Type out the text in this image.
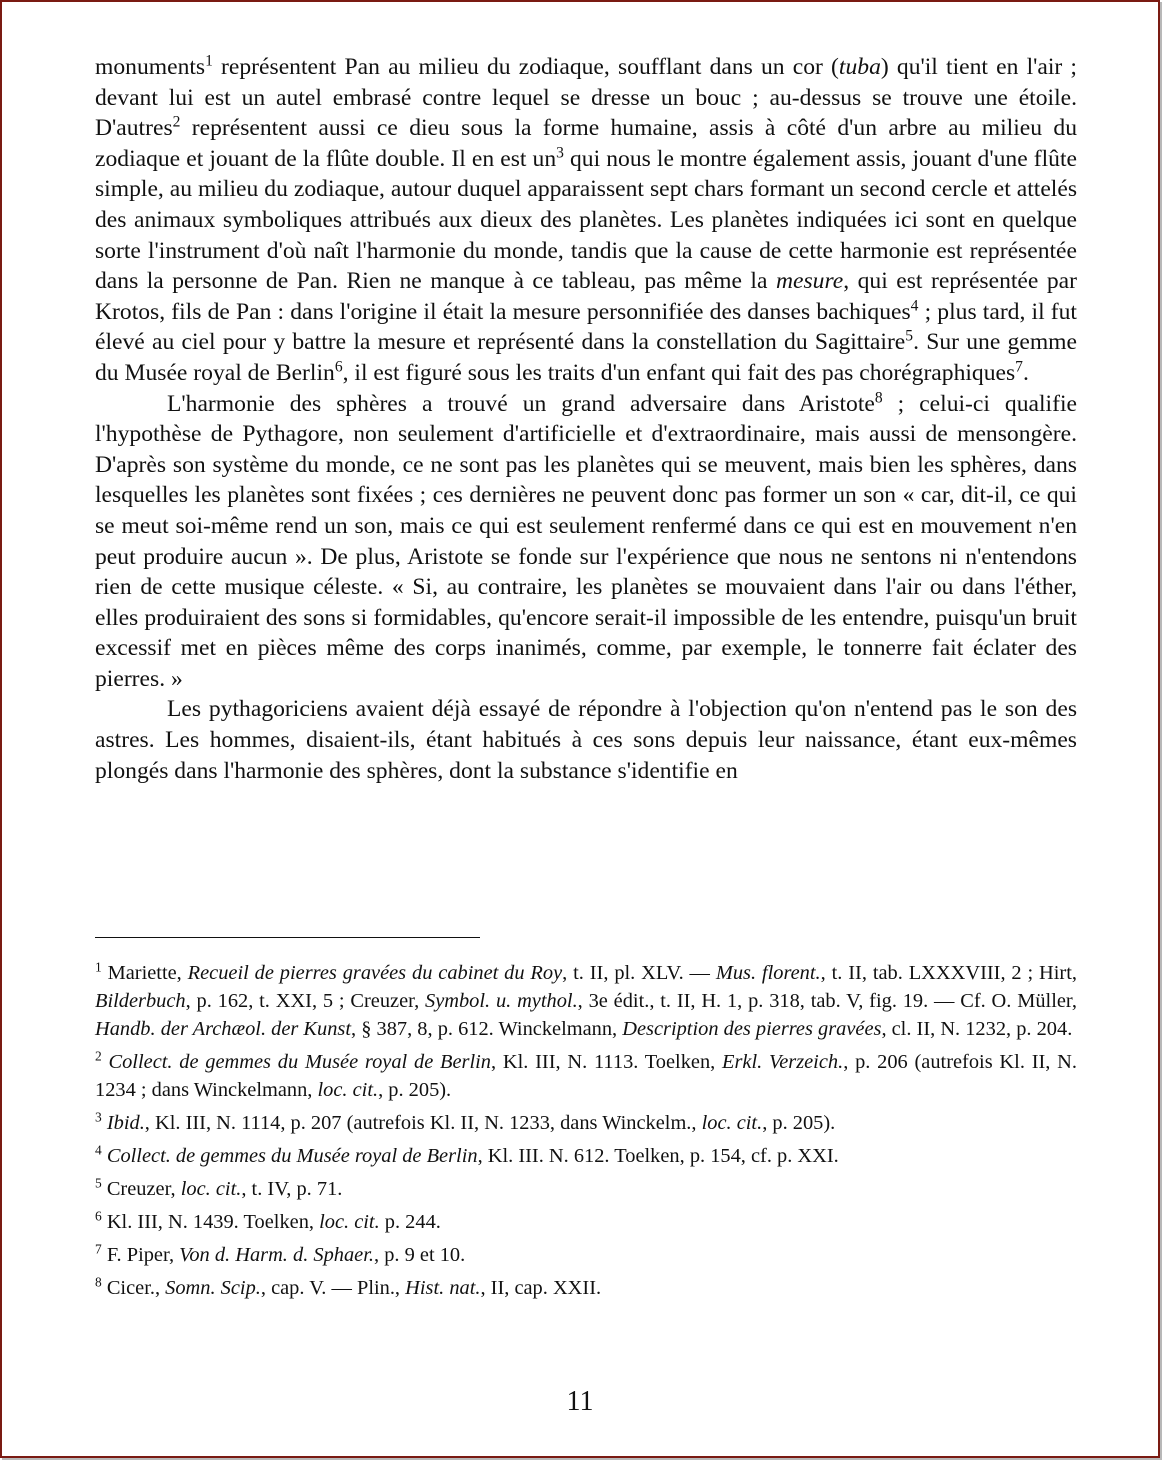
monuments$^1$ représentent Pan au milieu du zodiaque, soufflant dans un cor (tuba) qu'il tient en l'air ; devant lui est un autel embrasé contre lequel se dresse un bouc ; au-dessus se trouve une étoile. D'autres$^2$ représentent aussi ce dieu sous la forme humaine, assis à côté d'un arbre au milieu du zodiaque et jouant de la flûte double. Il en est $un^3$ qui nous le montre également assis, jouant d'une flûte simple, au milieu du zodiaque, autour duquel apparaissent sept chars formant un second cercle et attelés des animaux symboliques attribués aux dieux des planètes. Les planètes indiquées ici sont en quelque sorte l'instrument d'où naît l'harmonie du monde, tandis que la cause de cette harmonie est représentée dans la personne de Pan. Rien ne manque à ce tableau, pas même la mesure, qui est représentée par Krotos, fils de Pan : dans l'origine il était la mesure personnifiée des danses bachiques$^4$ ; plus tard, il fut élevé au ciel pour y battre la mesure et représenté dans la constellation du Sagittaire$^5$. Sur une gemme du Musée royal de Berlin$^6$, il est figuré sous les traits d'un enfant qui fait des pas chorégraphiques$^7$.

L'harmonie des sphères a trouvé un grand adversaire dans Aristote$^8$ ; celui-ci qualifie l'hypothèse de Pythagore, non seulement d'artificielle et d'extraordinaire, mais aussi de mensongère. D'après son système du monde, ce ne sont pas les planètes qui se meuvent, mais bien les sphères, dans lesquelles les planètes sont fixées ; ces dernières ne peuvent donc pas former un son « car, dit-il, ce qui se meut soi-même rend un son, mais ce qui est seulement renfermé dans ce qui est en mouvement n'en peut produire aucun ». De plus, Aristote se fonde sur l'expérience que nous ne sentons ni n'entendons rien de cette musique céleste. « Si, au contraire, les planètes se mouvaient dans l'air ou dans l'éther, elles produiraient des sons si formidables, qu'encore serait-il impossible de les entendre, puisqu'un bruit excessif met en pièces même des corps inanimés, comme, par exemple, le tonnerre fait éclater des pierres. »

Les pythagoriciens avaient déjà essayé de répondre à l'objection qu'on n'entend pas le son des astres. Les hommes, disaient-ils, étant habitués à ces sons depuis leur naissance, étant eux-mêmes plongés dans l'harmonie des sphères, dont la substance s'identifie en

$^1$ Mariette, Recueil de pierres gravées du cabinet du Roy, t. II, pl. XLV. — Mus. florent., t. II, tab. LXXXVIII, 2 ; Hirt, Bilderbuch, p. 162, t. XXI, 5 ; Creuzer, Symbol. u. mythol., 3e édit., t. II, H. 1, p. 318, tab. V, fig. 19. — Cf. O. Müller, Handb. der Archæol. der Kunst, § 387, 8, p. 612. Winckelmann, Description des pierres gravées, cl. II, N. 1232, p. 204.

$^2$ Collect. de gemmes du Musée royal de Berlin, Kl. III, N. 1113. Toelken, Erkl. Verzeich., p. 206 (autrefois Kl. II, N. 1234 ; dans Winckelmann, loc. cit., p. 205).

$^3$ Ibid., Kl. III, N. 1114, p. 207 (autrefois Kl. II, N. 1233, dans Winckelm., loc. cit., p. 205).

$^4$ Collect. de gemmes du Musée royal de Berlin, Kl. III. N. 612. Toelken, p. 154, cf. p. XXI.

$^5$ Creuzer, loc. cit., t. IV, p. 71.

$^6$ Kl. III, N. 1439. Toelken, loc. cit. p. 244.

$^7$ F. Piper, Von d. Harm. d. Sphaer., p. 9 et 10.

$^8$ Cicer., Somn. Scip., cap. V. — Plin., Hist. nat., II, cap. XXII.

11
